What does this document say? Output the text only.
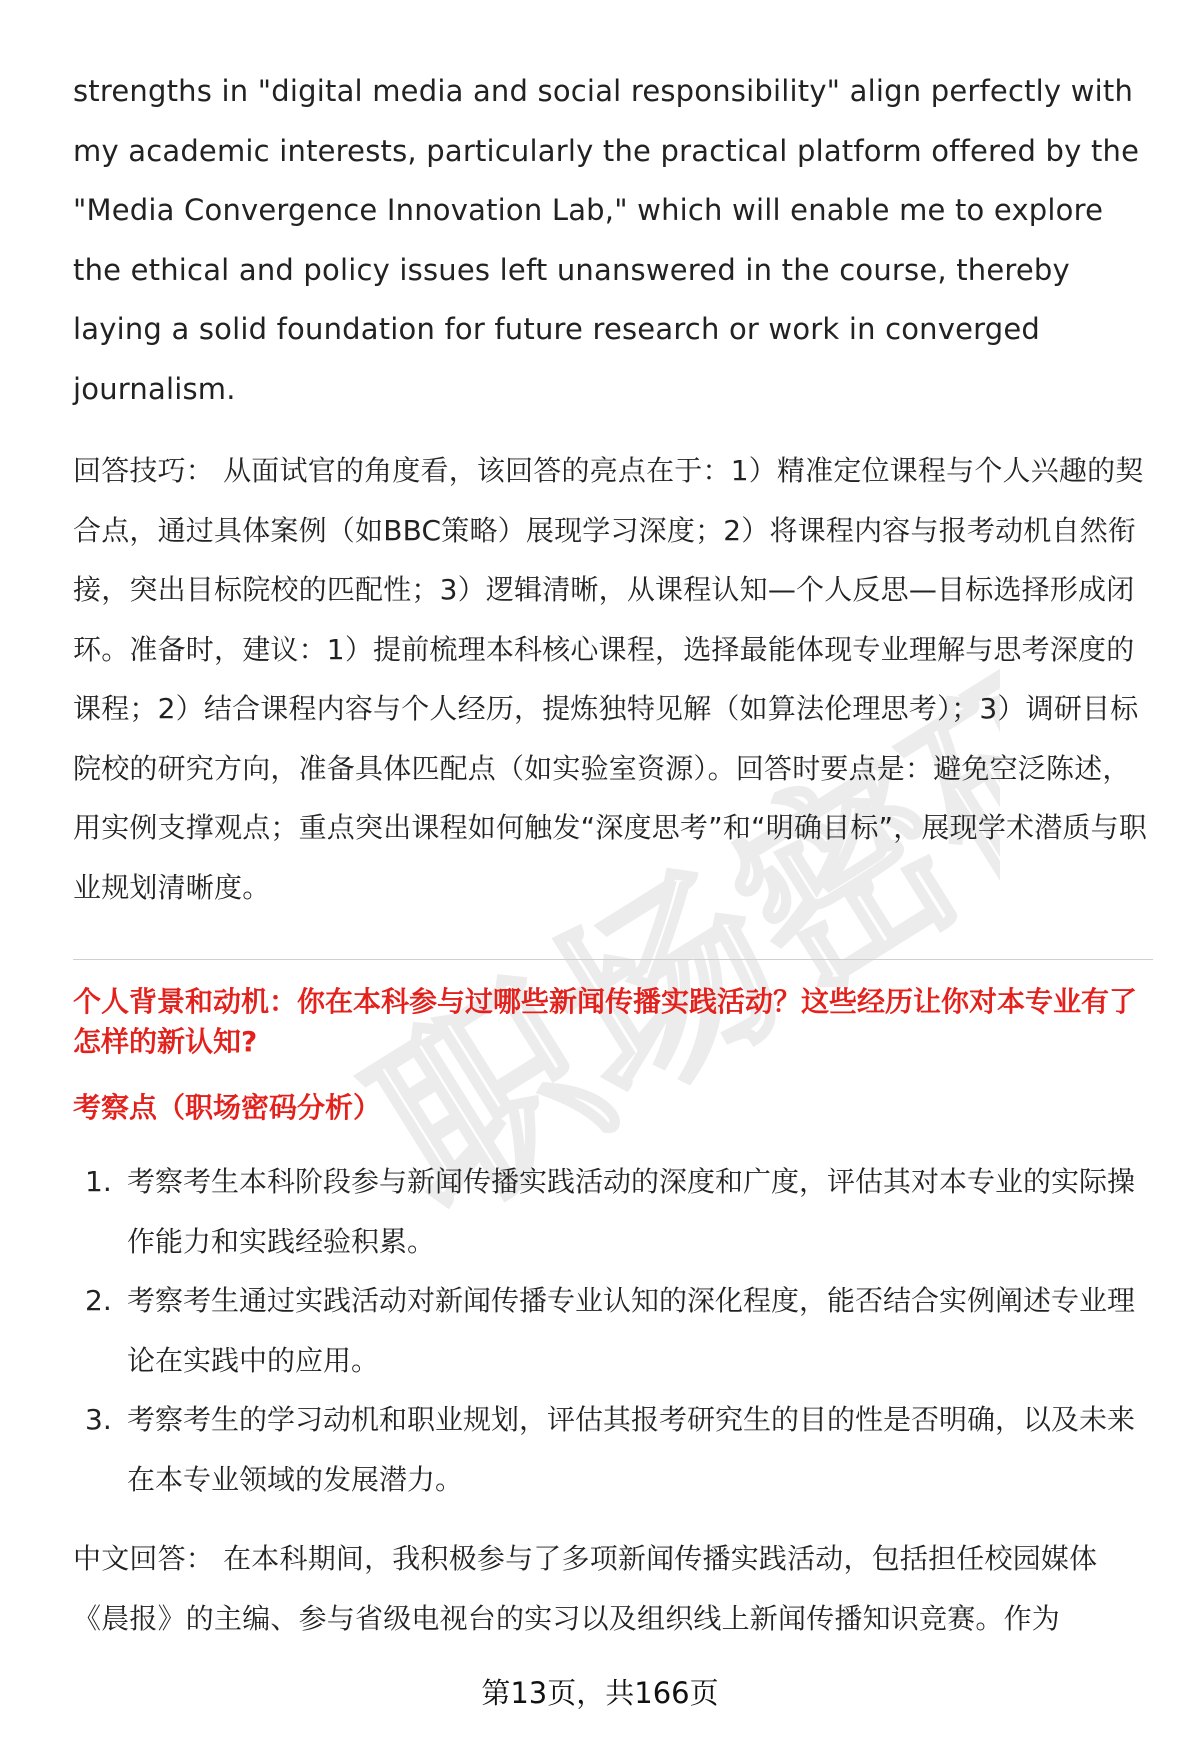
职场密码

strengths in "digital media and social responsibility" align perfectly with my academic interests, particularly the practical platform offered by the "Media Convergence Innovation Lab," which will enable me to explore the ethical and policy issues left unanswered in the course, thereby laying a solid foundation for future research or work in converged journalism.

回答技巧： 从面试官的角度看，该回答的亮点在于：1）精准定位课程与个人兴趣的契合点，通过具体案例（如BBC策略）展现学习深度；2）将课程内容与报考动机自然衔接，突出目标院校的匹配性；3）逻辑清晰，从课程认知—个人反思—目标选择形成闭环。准备时，建议：1）提前梳理本科核心课程，选择最能体现专业理解与思考深度的课程；2）结合课程内容与个人经历，提炼独特见解（如算法伦理思考）；3）调研目标院校的研究方向，准备具体匹配点（如实验室资源）。回答时要点是：避免空泛陈述，用实例支撑观点；重点突出课程如何触发“深度思考”和“明确目标”，展现学术潜质与职业规划清晰度。

个人背景和动机：你在本科参与过哪些新闻传播实践活动？这些经历让你对本专业有了怎样的新认知?

考察点（职场密码分析）

1. 考察考生本科阶段参与新闻传播实践活动的深度和广度，评估其对本专业的实际操作能力和实践经验积累。
2. 考察考生通过实践活动对新闻传播专业认知的深化程度，能否结合实例阐述专业理论在实践中的应用。
3. 考察考生的学习动机和职业规划，评估其报考研究生的目的性是否明确，以及未来在本专业领域的发展潜力。

中文回答： 在本科期间，我积极参与了多项新闻传播实践活动，包括担任校园媒体《晨报》的主编、参与省级电视台的实习以及组织线上新闻传播知识竞赛。作为

第13页，共166页
